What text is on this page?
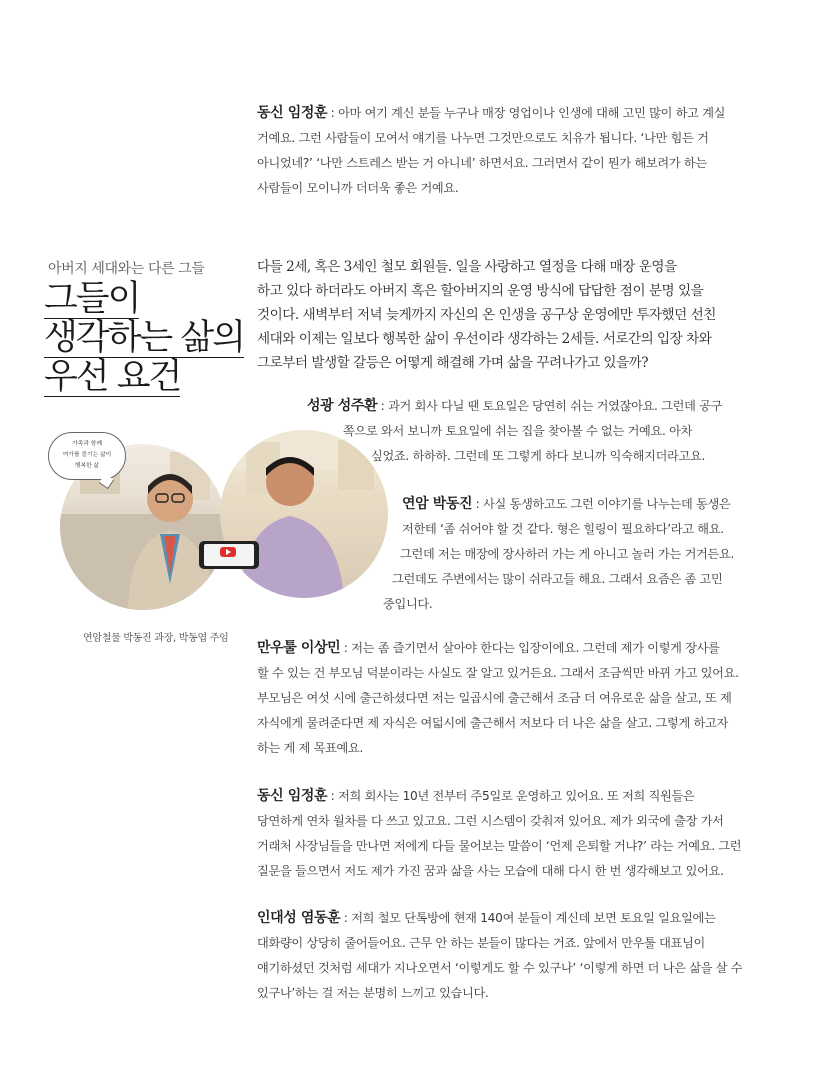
동신 임정훈 : 아마 여기 계신 분들 누구나 매장 영업이나 인생에 대해 고민 많이 하고 계실
거예요. 그런 사람들이 모여서 얘기를 나누면 그것만으로도 치유가 됩니다. ‘나만 힘든 거
아니었네?’ ‘나만 스트레스 받는 거 아니네’ 하면서요. 그러면서 같이 뭔가 해보려가 하는
사람들이 모이니까 더더욱 좋은 거예요.
아버지 세대와는 다른 그들
그들이
생각하는 삶의
우선 요건
다들 2세, 혹은 3세인 철모 회원들. 일을 사랑하고 열정을 다해 매장 운영을
하고 있다 하더라도 아버지 혹은 할아버지의 운영 방식에 답답한 점이 분명 있을
것이다. 새벽부터 저녁 늦게까지 자신의 온 인생을 공구상 운영에만 투자했던 선친
세대와 이제는 일보다 행복한 삶이 우선이라 생각하는 2세들. 서로간의 입장 차와
그로부터 발생할 갈등은 어떻게 해결해 가며 삶을 꾸려나가고 있을까?
성광 성주환 : 과거 회사 다닐 땐 토요일은 당연히 쉬는 거였잖아요. 그런데 공구
쪽으로 와서 보니까 토요일에 쉬는 집을 찾아볼 수 없는 거예요. 아차
싶었죠. 하하하. 그런데 또 그렇게 하다 보니까 익숙해지더라고요.
가족과 함께
여가를 즐기는 삶이
행복한 삶
연암철물 박동진 과장, 박동엽 주임
연암 박동진 : 사실 동생하고도 그런 이야기를 나누는데 동생은
저한테 ‘좀 쉬어야 할 것 같다. 형은 힐링이 필요하다’라고 해요.
그런데 저는 매장에 장사하러 가는 게 아니고 놀러 가는 거거든요.
그런데도 주변에서는 많이 쉬라고들 해요. 그래서 요즘은 좀 고민
중입니다.
만우툴 이상민 : 저는 좀 즐기면서 살아야 한다는 입장이에요. 그런데 제가 이렇게 장사를
할 수 있는 건 부모님 덕분이라는 사실도 잘 알고 있거든요. 그래서 조금씩만 바뀌 가고 있어요.
부모님은 여섯 시에 출근하셨다면 저는 일곱시에 출근해서 조금 더 여유로운 삶을 살고, 또 제
자식에게 물려준다면 제 자식은 여덟시에 출근해서 저보다 더 나은 삶을 살고. 그렇게 하고자
하는 게 제 목표예요.
동신 임정훈 : 저희 회사는 10년 전부터 주5일로 운영하고 있어요. 또 저희 직원들은
당연하게 연차 월차를 다 쓰고 있고요. 그런 시스템이 갖춰져 있어요. 제가 외국에 출장 가서
거래처 사장님들을 만나면 저에게 다들 물어보는 말씀이 ‘언제 은퇴할 거냐?’ 라는 거예요. 그런
질문을 들으면서 저도 제가 가진 꿈과 삶을 사는 모습에 대해 다시 한 번 생각해보고 있어요.
인대성 염동훈 : 저희 철모 단톡방에 현재 140여 분들이 계신데 보면 토요일 일요일에는
대화량이 상당히 줄어들어요. 근무 안 하는 분들이 많다는 거죠. 앞에서 만우툴 대표님이
얘기하셨던 것처럼 세대가 지나오면서 ‘이렇게도 할 수 있구나’ ‘이렇게 하면 더 나은 삶을 살 수
있구나’하는 걸 저는 분명히 느끼고 있습니다.
